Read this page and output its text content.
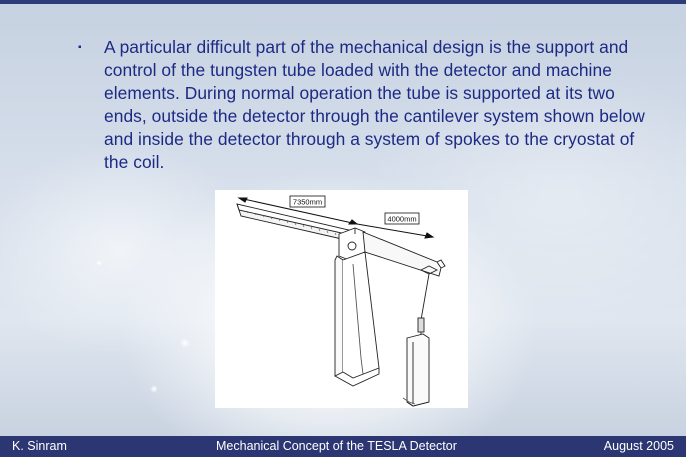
▪	A particular difficult part of the mechanical design is the support and control of the tungsten tube loaded with the detector and machine elements. During normal operation the tube is supported at its two ends, outside the detector through the cantilever system shown below and inside the detector through a system of spokes to the cryostat of the coil.
7350mm
4000mm
K. Sinram	Mechanical Concept of the TESLA Detector	August 2005
